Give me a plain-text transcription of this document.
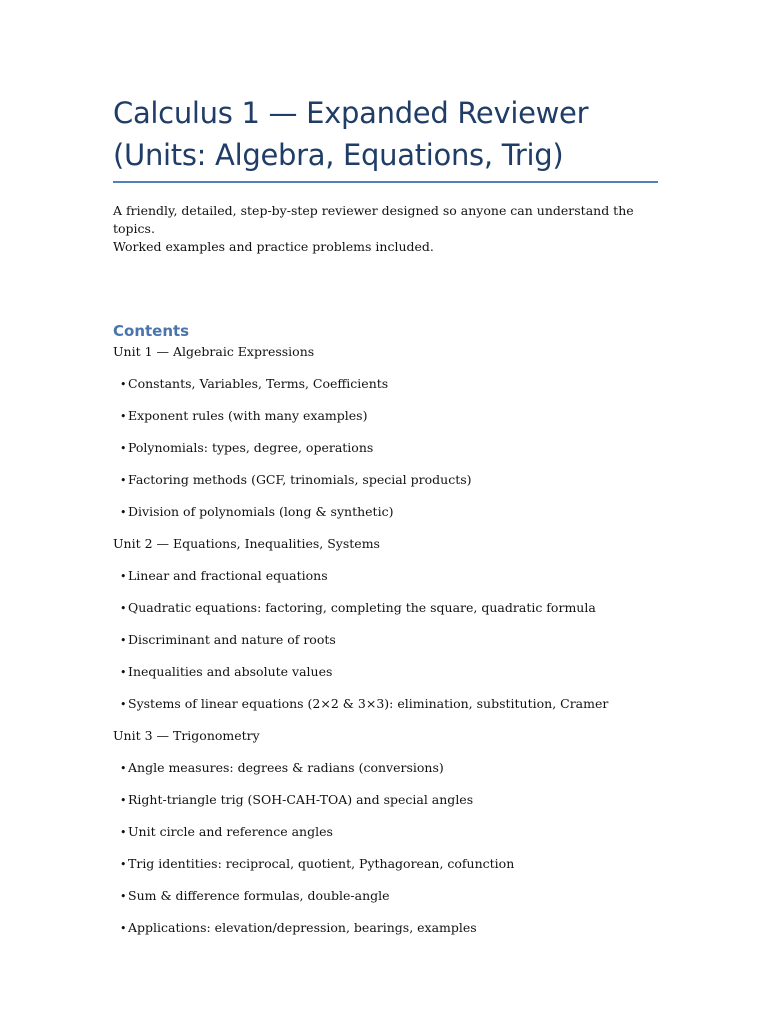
Calculus 1 — Expanded Reviewer
(Units: Algebra, Equations, Trig)

A friendly, detailed, step-by-step reviewer designed so anyone can understand the topics.
Worked examples and practice problems included.

Contents
Unit 1 — Algebraic Expressions
• Constants, Variables, Terms, Coefficients
• Exponent rules (with many examples)
• Polynomials: types, degree, operations
• Factoring methods (GCF, trinomials, special products)
• Division of polynomials (long & synthetic)
Unit 2 — Equations, Inequalities, Systems
• Linear and fractional equations
• Quadratic equations: factoring, completing the square, quadratic formula
• Discriminant and nature of roots
• Inequalities and absolute values
• Systems of linear equations (2×2 & 3×3): elimination, substitution, Cramer
Unit 3 — Trigonometry
• Angle measures: degrees & radians (conversions)
• Right-triangle trig (SOH-CAH-TOA) and special angles
• Unit circle and reference angles
• Trig identities: reciprocal, quotient, Pythagorean, cofunction
• Sum & difference formulas, double-angle
• Applications: elevation/depression, bearings, examples
